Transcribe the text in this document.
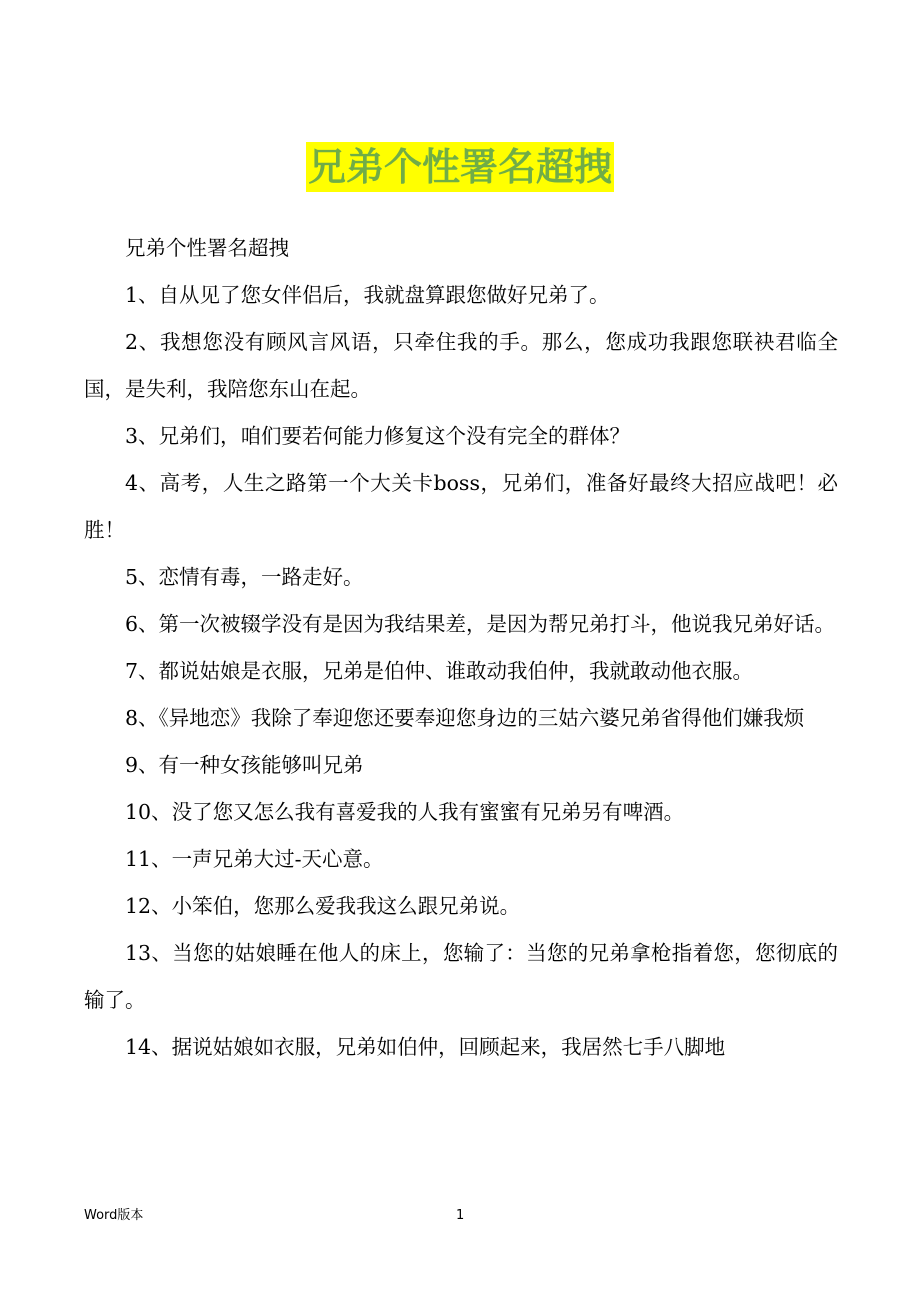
兄弟个性署名超拽

兄弟个性署名超拽

1、自从见了您女伴侣后，我就盘算跟您做好兄弟了。

2、我想您没有顾风言风语，只牵住我的手。那么，您成功我跟您联袂君临全国，是失利，我陪您东山在起。

3、兄弟们，咱们要若何能力修复这个没有完全的群体？

4、高考，人生之路第一个大关卡boss，兄弟们，准备好最终大招应战吧！必胜！

5、恋情有毒，一路走好。

6、第一次被辍学没有是因为我结果差，是因为帮兄弟打斗，他说我兄弟好话。

7、都说姑娘是衣服，兄弟是伯仲、谁敢动我伯仲，我就敢动他衣服。

8、《异地恋》我除了奉迎您还要奉迎您身边的三姑六婆兄弟省得他们嫌我烦

9、有一种女孩能够叫兄弟

10、没了您又怎么我有喜爱我的人我有蜜蜜有兄弟另有啤酒。

11、一声兄弟大过-天心意。

12、小笨伯，您那么爱我我这么跟兄弟说。

13、当您的姑娘睡在他人的床上，您输了：当您的兄弟拿枪指着您，您彻底的输了。

14、据说姑娘如衣服，兄弟如伯仲，回顾起来，我居然七手八脚地

Word版本	1
